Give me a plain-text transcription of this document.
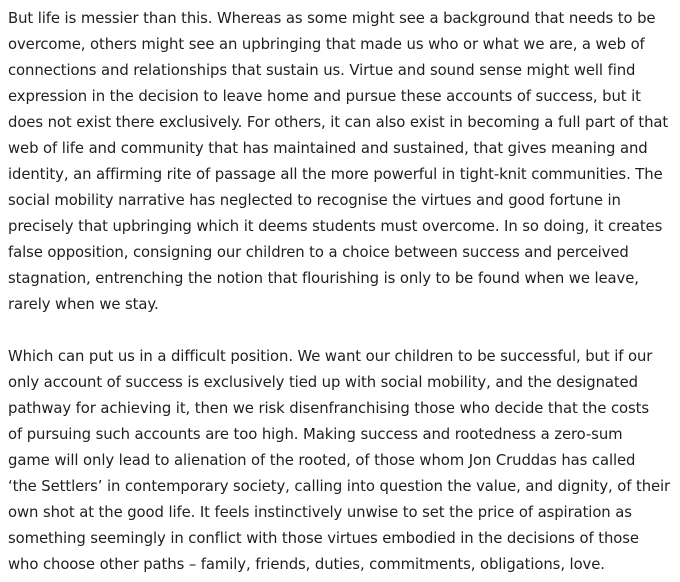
But life is messier than this. Whereas as some might see a background that needs to be
overcome, others might see an upbringing that made us who or what we are, a web of
connections and relationships that sustain us. Virtue and sound sense might well find
expression in the decision to leave home and pursue these accounts of success, but it
does not exist there exclusively. For others, it can also exist in becoming a full part of that
web of life and community that has maintained and sustained, that gives meaning and
identity, an affirming rite of passage all the more powerful in tight-knit communities. The
social mobility narrative has neglected to recognise the virtues and good fortune in
precisely that upbringing which it deems students must overcome. In so doing, it creates
false opposition, consigning our children to a choice between success and perceived
stagnation, entrenching the notion that flourishing is only to be found when we leave,
rarely when we stay.

Which can put us in a difficult position. We want our children to be successful, but if our
only account of success is exclusively tied up with social mobility, and the designated
pathway for achieving it, then we risk disenfranchising those who decide that the costs
of pursuing such accounts are too high. Making success and rootedness a zero-sum
game will only lead to alienation of the rooted, of those whom Jon Cruddas has called
‘the Settlers’ in contemporary society, calling into question the value, and dignity, of their
own shot at the good life. It feels instinctively unwise to set the price of aspiration as
something seemingly in conflict with those virtues embodied in the decisions of those
who choose other paths – family, friends, duties, commitments, obligations, love.
